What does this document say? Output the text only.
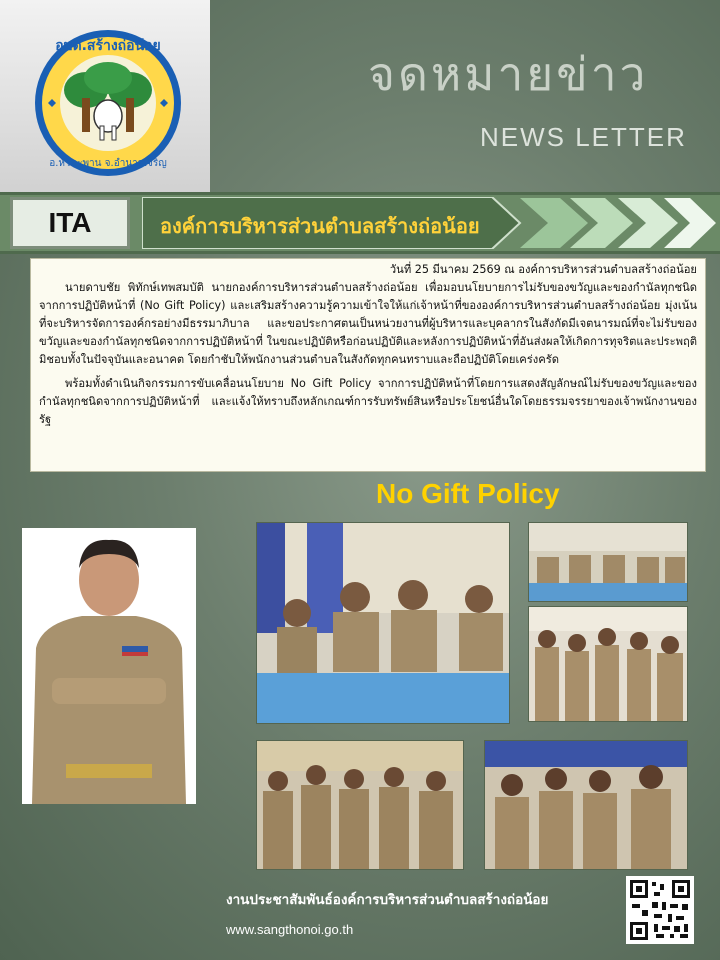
อบต.สร้างถ่อน้อย
อ.หัวตะพาน จ.อำนาจเจริญ
จดหมายข่าว
NEWS LETTER
ITA	องค์การบริหารส่วนตำบลสร้างถ่อน้อย
วันที่ 25 มีนาคม 2569 ณ องค์การบริหารส่วนตำบลสร้างถ่อน้อย

นายดาบชัย พิทักษ์เทพสมบัติ นายกองค์การบริหารส่วนตำบลสร้างถ่อน้อย เพื่อมอบนโยบายการไม่รับของขวัญและของกำนัลทุกชนิดจากการปฏิบัติหน้าที่ (No Gift Policy) และเสริมสร้างความรู้ความเข้าใจให้แก่เจ้าหน้าที่ขององค์การบริหารส่วนตำบลสร้างถ่อน้อย มุ่งเน้นที่จะบริหารจัดการองค์กรอย่างมีธรรมาภิบาล และขอประกาศตนเป็นหน่วยงานที่ผู้บริหารและบุคลากรในสังกัดมีเจตนารมณ์ที่จะไม่รับของขวัญและของกำนัลทุกชนิดจากการปฏิบัติหน้าที่ ในขณะปฏิบัติหรือก่อนปฏิบัติและหลังการปฏิบัติหน้าที่อันส่งผลให้เกิดการทุจริตและประพฤติมิชอบทั้งในปัจจุบันและอนาคต โดยกำชับให้พนักงานส่วนตำบลในสังกัดทุกคนทราบและถือปฏิบัติโดยเคร่งครัด

พร้อมทั้งดำเนินกิจกรรมการขับเคลื่อนนโยบาย No Gift Policy จากการปฏิบัติหน้าที่โดยการแสดงสัญลักษณ์ไม่รับของขวัญและของกำนัลทุกชนิดจากการปฏิบัติหน้าที่ และแจ้งให้ทราบถึงหลักเกณฑ์การรับทรัพย์สินหรือประโยชน์อื่นใดโดยธรรมจรรยาของเจ้าพนักงานของรัฐ

No Gift Policy
งานประชาสัมพันธ์องค์การบริหารส่วนตำบลสร้างถ่อน้อย
www.sangthonoi.go.th
